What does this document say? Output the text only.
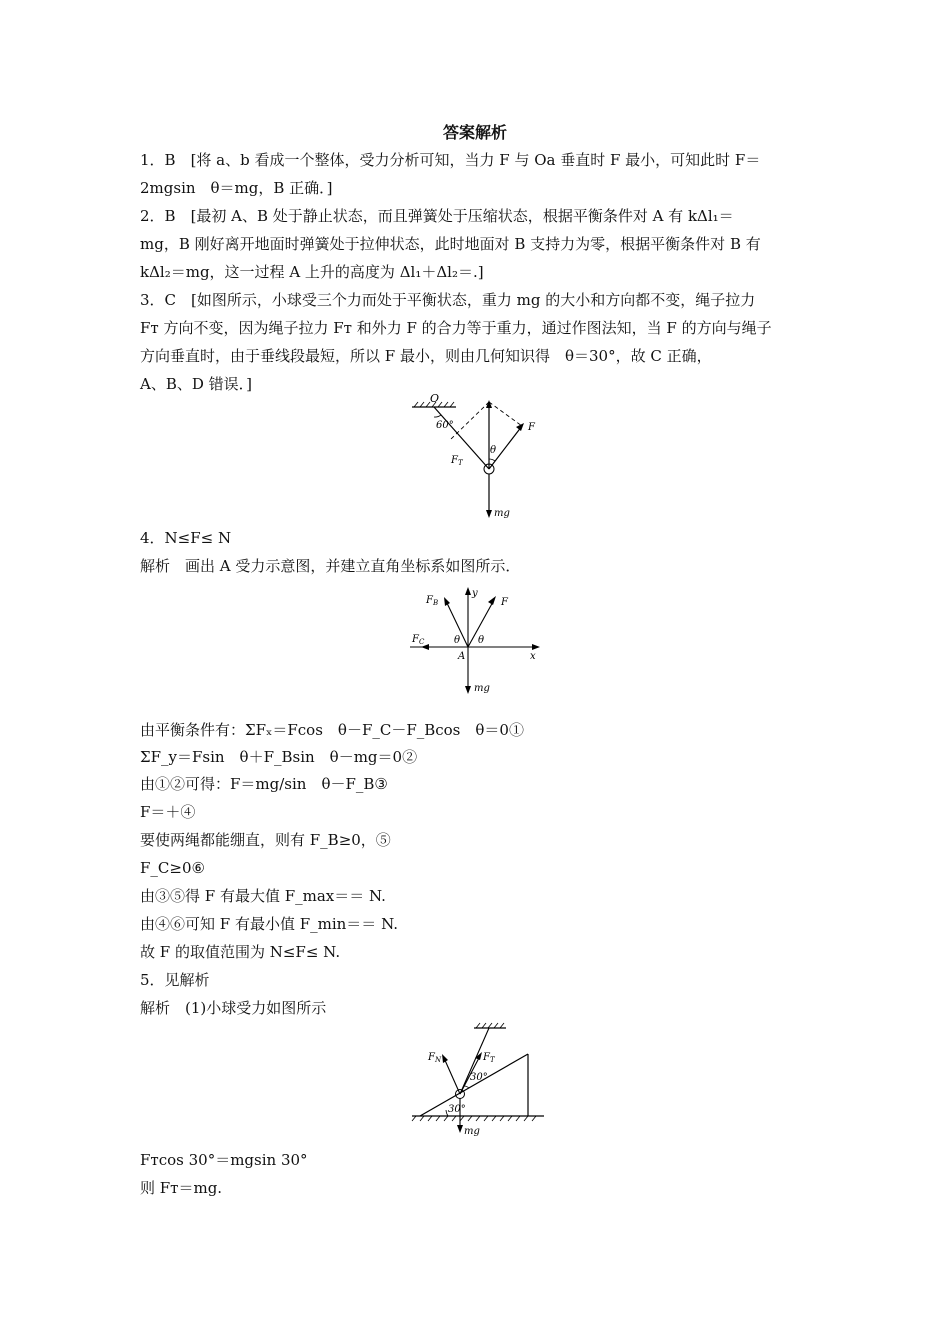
答案解析
1．B　[将 a、b 看成一个整体，受力分析可知，当力 F 与 Oa 垂直时 F 最小，可知此时 F＝
2mgsin　θ＝mg，B 正确．]
2．B　[最初 A、B 处于静止状态，而且弹簧处于压缩状态，根据平衡条件对 A 有 kΔl₁＝
mg，B 刚好离开地面时弹簧处于拉伸状态，此时地面对 B 支持力为零，根据平衡条件对 B 有
kΔl₂＝mg，这一过程 A 上升的高度为 Δl₁＋Δl₂＝.]
3．C　[如图所示，小球受三个力而处于平衡状态，重力 mg 的大小和方向都不变，绳子拉力
Fᴛ 方向不变，因为绳子拉力 Fᴛ 和外力 F 的合力等于重力，通过作图法知，当 F 的方向与绳子
方向垂直时，由于垂线段最短，所以 F 最小，则由几何知识得　θ＝30°，故 C 正确，
A、B、D 错误．]
O
60°
F T
θ
F
mg
4．N≤F≤ N
解析　画出 A 受力示意图，并建立直角坐标系如图所示．
F B
y
F
F C	θ θ
A	x
mg
由平衡条件有：ΣFₓ＝Fcos　θ－F_C－F_Bcos　θ＝0①
ΣF_y＝Fsin　θ＋F_Bsin　θ－mg＝0②
由①②可得：F＝mg/sin　θ－F_B③
F＝＋④
要使两绳都能绷直，则有 F_B≥0，⑤
F_C≥0⑥
由③⑤得 F 有最大值 F_max＝＝ N.
由④⑥可知 F 有最小值 F_min＝＝ N.
故 F 的取值范围为 N≤F≤ N.
5．见解析
解析　(1)小球受力如图所示
F N	F T
30°
30°
mg
Fᴛcos 30°＝mgsin 30°
则 Fᴛ＝mg.
